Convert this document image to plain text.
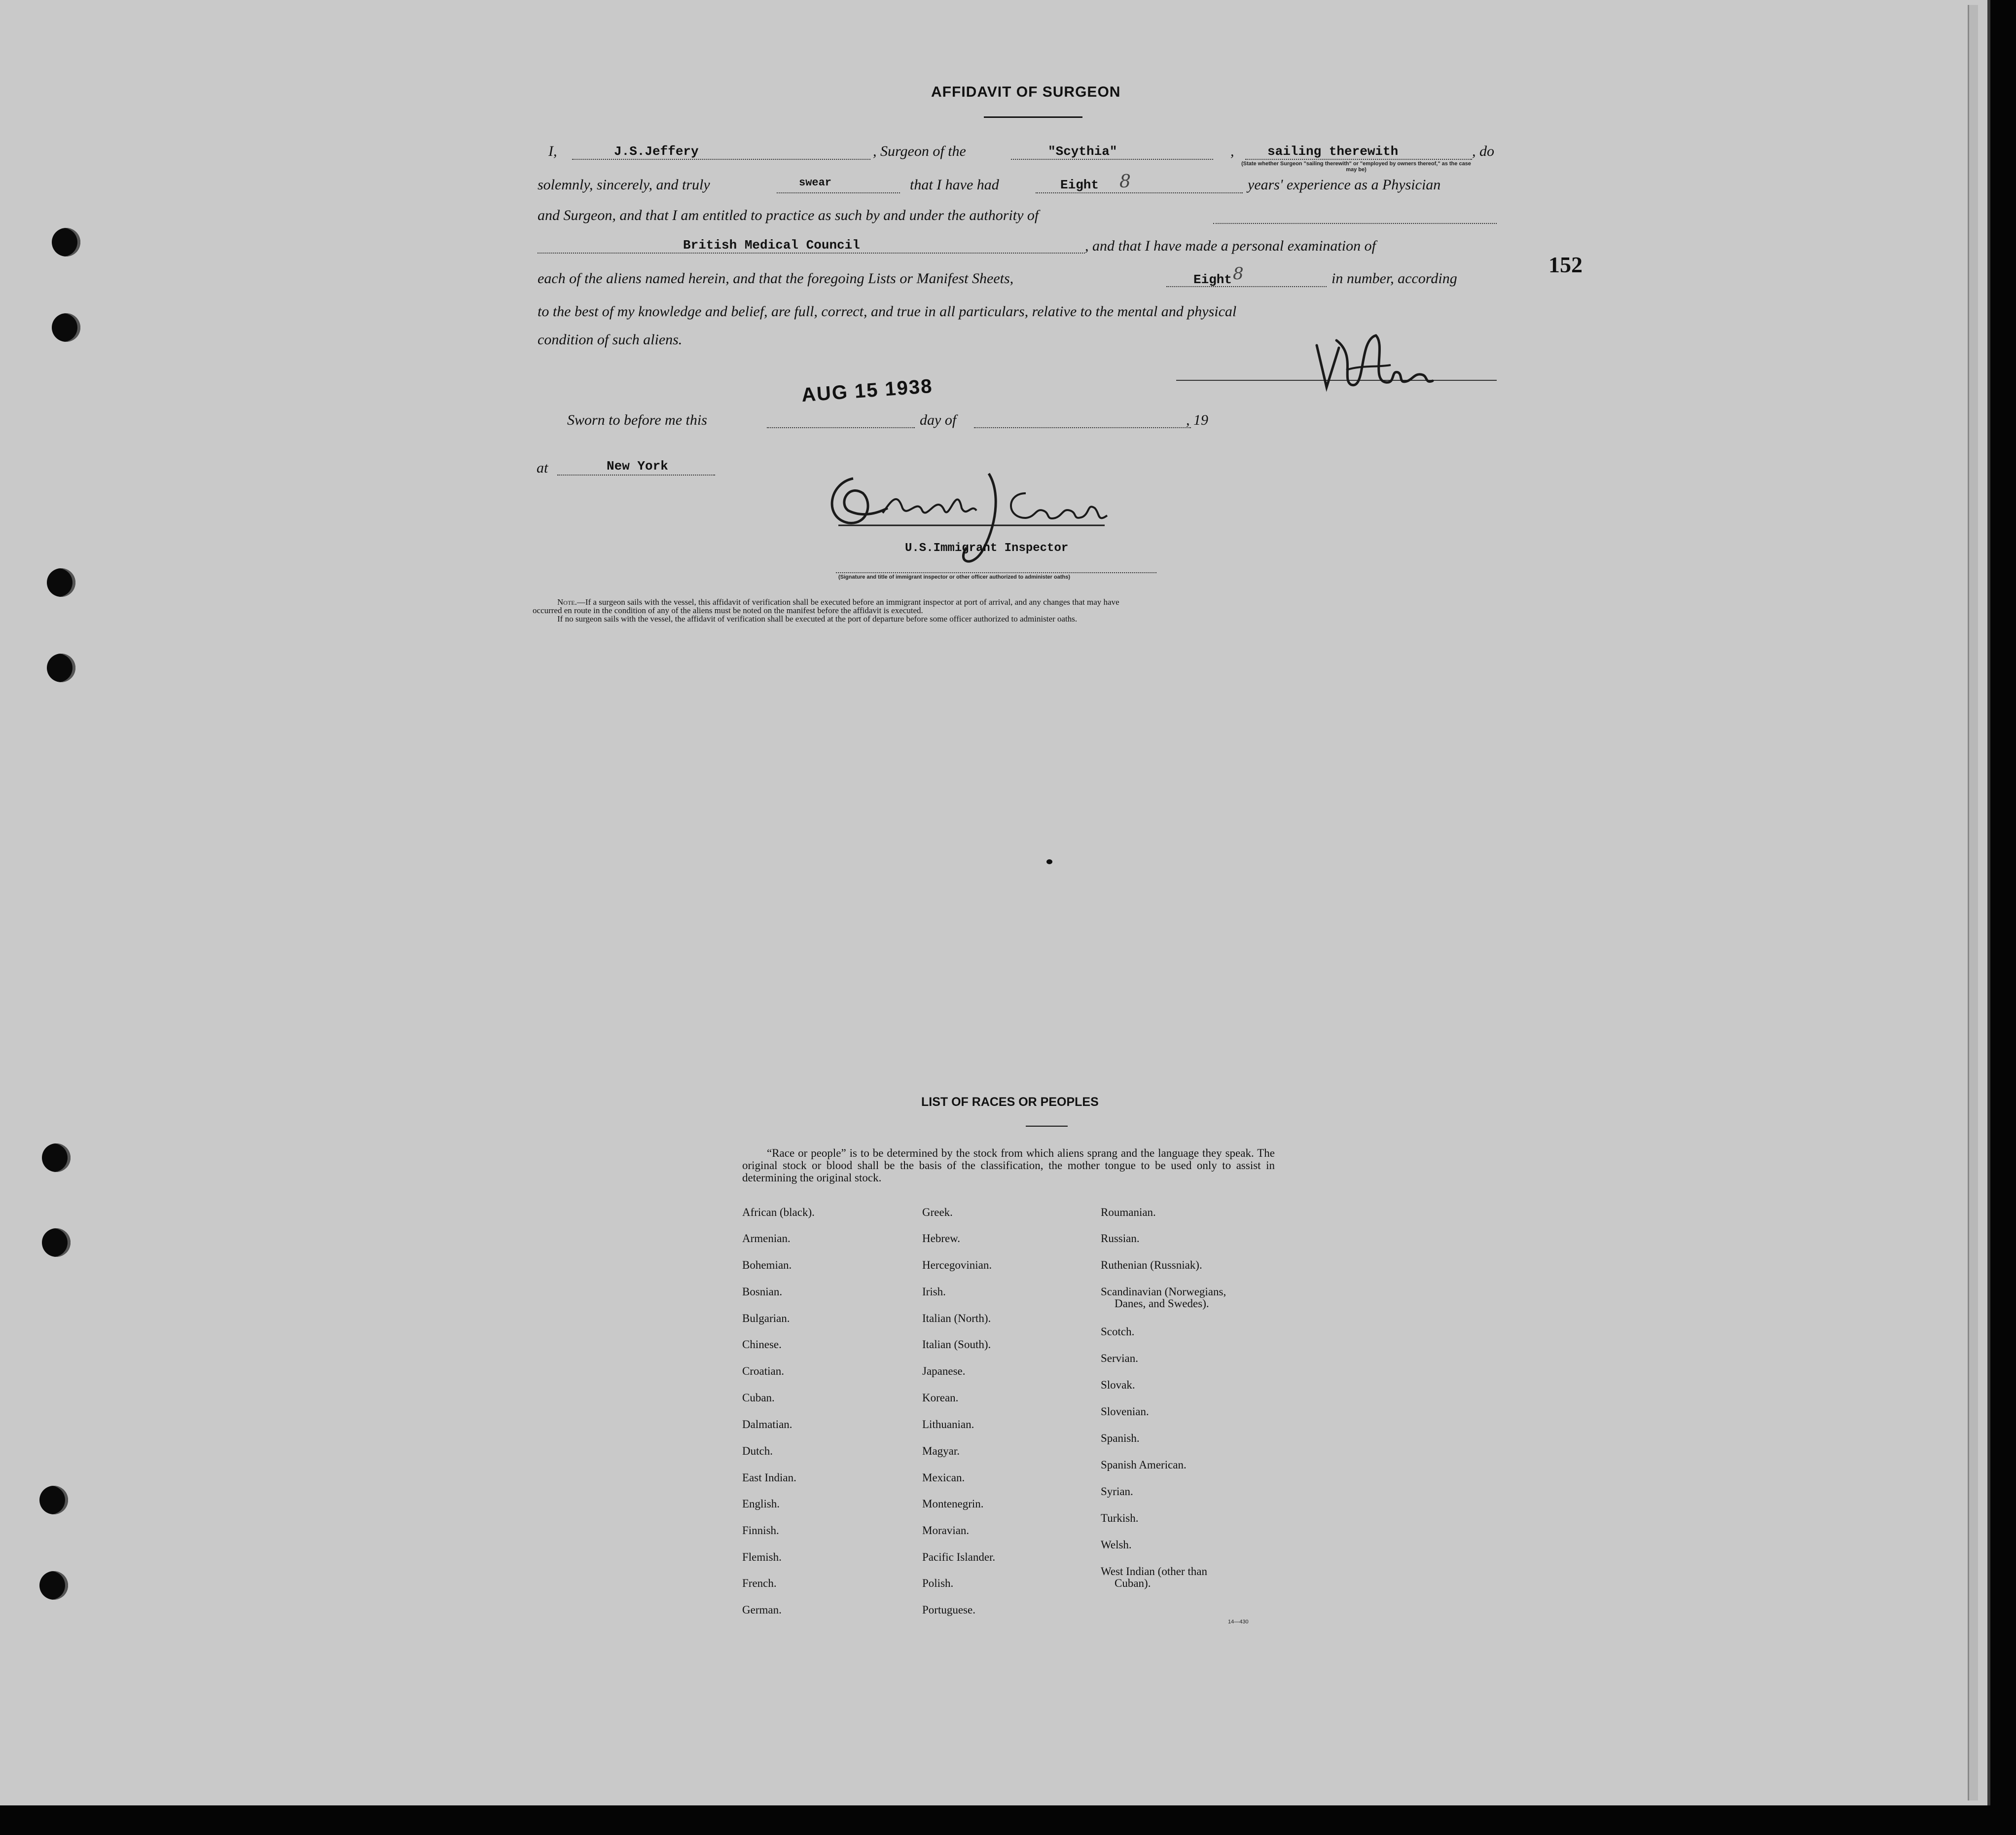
152
AFFIDAVIT OF SURGEON
I,	J.S.Jeffery	, Surgeon of the	"Scythia"	,	sailing therewith	, do
(State whether Surgeon "sailing therewith" or "employed by owners thereof," as the case may be)
solemnly, sincerely, and truly	swear	that I have had	Eight 8	years' experience as a Physician
and Surgeon, and that I am entitled to practice as such by and under the authority of
British Medical Council	, and that I have made a personal examination of
each of the aliens named herein, and that the foregoing Lists or Manifest Sheets,	Eight 8	in number, according
to the best of my knowledge and belief, are full, correct, and true in all particulars, relative to the mental and physical
condition of such aliens.
Sworn to before me this
AUG 15 1938
day of	, 19
at	New York
U.S.Immigrant Inspector
(Signature and title of immigrant inspector or other officer authorized to administer oaths)
Note.—If a surgeon sails with the vessel, this affidavit of verification shall be executed before an immigrant inspector at port of arrival, and any changes that may have
occurred en route in the condition of any of the aliens must be noted on the manifest before the affidavit is executed.
If no surgeon sails with the vessel, the affidavit of verification shall be executed at the port of departure before some officer authorized to administer oaths.
LIST OF RACES OR PEOPLES
“Race or people” is to be determined by the stock from which aliens sprang and the language they speak. The original stock or blood shall be the basis of the classification, the mother tongue to be used only to assist in determining the original stock.
African (black).
Armenian.
Bohemian.
Bosnian.
Bulgarian.
Chinese.
Croatian.
Cuban.
Dalmatian.
Dutch.
East Indian.
English.
Finnish.
Flemish.
French.
German.
Greek.
Hebrew.
Hercegovinian.
Irish.
Italian (North).
Italian (South).
Japanese.
Korean.
Lithuanian.
Magyar.
Mexican.
Montenegrin.
Moravian.
Pacific Islander.
Polish.
Portuguese.
Roumanian.
Russian.
Ruthenian (Russniak).
Scandinavian (Norwegians,
Danes, and Swedes).
Scotch.
Servian.
Slovak.
Slovenian.
Spanish.
Spanish American.
Syrian.
Turkish.
Welsh.
West Indian (other than
Cuban).
14—430
